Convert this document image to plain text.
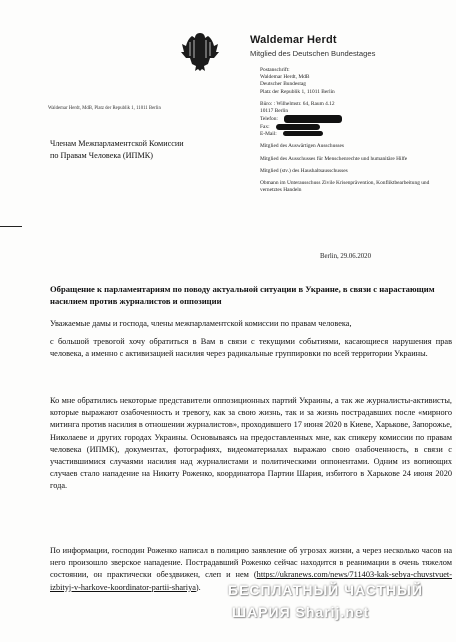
Waldemar Herdt
Mitglied des Deutschen Bundestages
Waldemar Herdt, MdB, Platz der Republik 1, 11011 Berlin
Postanschrift:
Waldemar Herdt, MdB
Deutscher Bundestag
Platz der Republik 1, 11011 Berlin
Büro: : Wilhelmstr. 64, Raum 4.12
10117 Berlin
Telefon:
Fax:
E-Mail:
Mitglied des Auswärtigen Ausschusses
Mitglied des Ausschusses für Menschenrechte und humanitäre Hilfe
Mitglied (stv.) des Haushaltsausschusses
Obmann im Unterausschuss Zivile Krisenprävention, Konfliktbearbeitung und vernetztes Handeln
Членам Межпарламентской Комиссии
по Правам Человека (ИПМК)
Berlin, 29.06.2020
Обращение к парламентариям по поводу актуальной ситуации в Украине, в связи с нарастающим насилием против журналистов и оппозиции
Уважаемые дамы и господа, члены межпарламентской комиссии по правам человека,
с большой тревогой хочу обратиться в Вам в связи с текущими событиями, касающиеся нарушения прав человека, а именно с активизацией насилия через радикальные группировки по всей территории Украины.
Ко мне обратились некоторые представители оппозиционных партий Украины, а так же журналисты-активисты, которые выражают озабоченность и тревогу, как за свою жизнь, так и за жизнь пострадавших после «мирного митинга против насилия в отношении журналистов», проходившего 17 июня 2020 в Киеве, Харькове, Запорожье, Николаеве и других городах Украины. Основываясь на предоставленных мне, как спикеру комиссии по правам человека (ИПМК), документах, фотографиях, видеоматериалах выражаю свою озабоченность, в связи с участившимися случаями насилия над журналистами и политическими оппонентами. Одним из вопиющих случаев стало нападение на Никиту Роженко, координатора Партии Шария, избитого в Харькове 24 июня 2020 года.
По информации, господин Роженко написал в полицию заявление об угрозах жизни, а через несколько часов на него произошло зверское нападение. Пострадавший Роженко сейчас находится в реанимации в очень тяжелом состоянии, он практически обездвижен, слеп и нем (https://ukranews.com/news/711403-kak-sebya-chuvstvuet-izbityj-v-harkove-koordinator-partii-shariya).	БЕСПЛАТНЫЙ ЧАСТНЫЙ
ШАРИЯ Sharij.net
